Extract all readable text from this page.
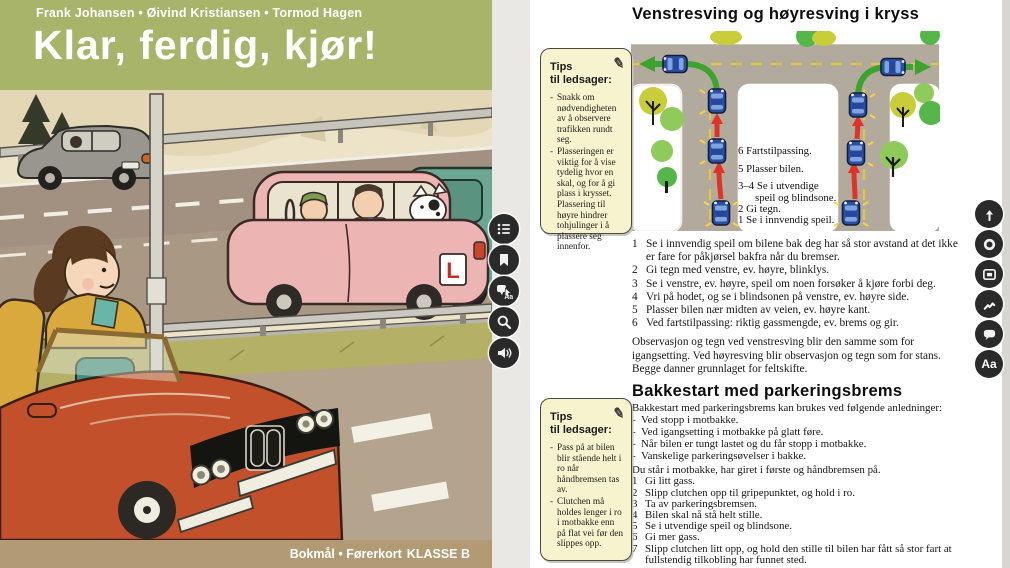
Frank Johansen • Øivind Kristiansen • Tormod Hagen
Klar, ferdig, kjør!
L
Bokmål • Førerkort KLASSE B
Venstresving og høyresving i kryss
6 Fartstilpassing.
5 Plasser bilen.
3–4 Se i utvendige
speil og blindsone.
2 Gi tegn.
1 Se i innvendig speil.
1 Se i innvendig speil om bilene bak deg har så stor avstand at det ikke er fare for påkjørsel bakfra når du bremser.
2 Gi tegn med venstre, ev. høyre, blinklys.
3 Se i venstre, ev. høyre, speil om noen forsøker å kjøre forbi deg.
4 Vri på hodet, og se i blindsonen på venstre, ev. høyre side.
5 Plasser bilen nær midten av veien, ev. høyre kant.
6 Ved fartstilpassing: riktig gassmengde, ev. brems og gir.
Observasjon og tegn ved venstresving blir den samme som for igangsetting. Ved høyresving blir observasjon og tegn som for stans. Begge danner grunnlaget for feltskifte.
Bakkestart med parkeringsbrems
Bakkestart med parkeringsbrems kan brukes ved følgende anledninger:
- Ved stopp i motbakke.
- Ved igangsetting i motbakke på glatt føre.
- Når bilen er tungt lastet og du får stopp i motbakke.
- Vanskelige parkeringsøvelser i bakke.
Du står i motbakke, har giret i første og håndbremsen på.
1 Gi litt gass.
2 Slipp clutchen opp til gripepunktet, og hold i ro.
3 Ta av parkeringsbremsen.
4 Bilen skal nå stå helt stille.
5 Se i utvendige speil og blindsone.
6 Gi mer gass.
7 Slipp clutchen litt opp, og hold den stille til bilen har fått så stor fart at fullstendig tilkobling har funnet sted.
✎
Tips
til ledsager:
- Snakk om nødvendigheten av å observere trafikken rundt seg.
- Plasseringen er viktig for å vise tydelig hvor en skal, og for å gi plass i krysset. Plassering til høyre hindrer tohjulinger i å plassere seg innenfor.
✎
Tips
til ledsager:
- Pass på at bilen blir stående helt i ro når håndbremsen tas av.
- Clutchen må holdes lenger i ro i motbakke enn på flat vei før den slippes opp.
Aa
Aa
